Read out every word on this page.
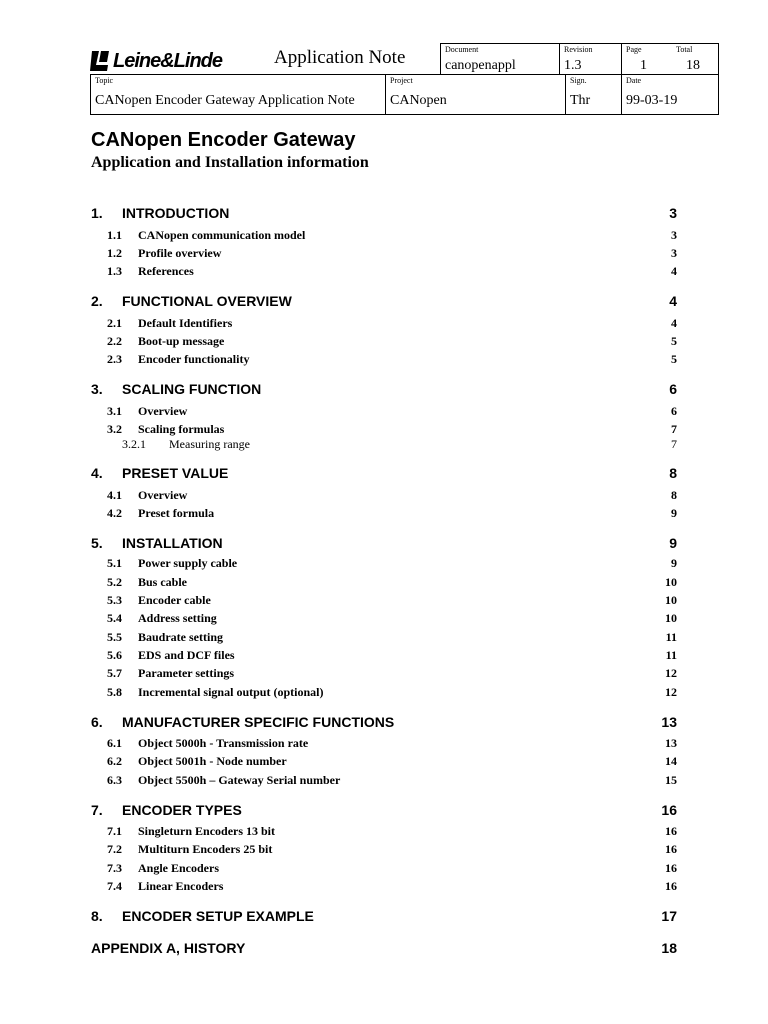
Leine&Linde	Application Note	Document
canopenappl
Revision
1.3
Page	Total
1	18
Topic
CANopen Encoder Gateway Application Note
Project
CANopen
Sign.
Thr
Date
99-03-19
CANopen Encoder Gateway
Application and Installation information
1. INTRODUCTION	3
1.1 CANopen communication model	3
1.2 Profile overview	3
1.3 References	4
2. FUNCTIONAL OVERVIEW	4
2.1 Default Identifiers	4
2.2 Boot-up message	5
2.3 Encoder functionality	5
3. SCALING FUNCTION	6
3.1 Overview	6
3.2 Scaling formulas	7
3.2.1 Measuring range	7
4. PRESET VALUE	8
4.1 Overview	8
4.2 Preset formula	9
5. INSTALLATION	9
5.1 Power supply cable	9
5.2 Bus cable	10
5.3 Encoder cable	10
5.4 Address setting	10
5.5 Baudrate setting	11
5.6 EDS and DCF files	11
5.7 Parameter settings	12
5.8 Incremental signal output (optional)	12
6. MANUFACTURER SPECIFIC FUNCTIONS	13
6.1 Object 5000h - Transmission rate	13
6.2 Object 5001h - Node number	14
6.3 Object 5500h – Gateway Serial number	15
7. ENCODER TYPES	16
7.1 Singleturn Encoders 13 bit	16
7.2 Multiturn Encoders 25 bit	16
7.3 Angle Encoders	16
7.4 Linear Encoders	16
8. ENCODER SETUP EXAMPLE	17
APPENDIX A, HISTORY	18
